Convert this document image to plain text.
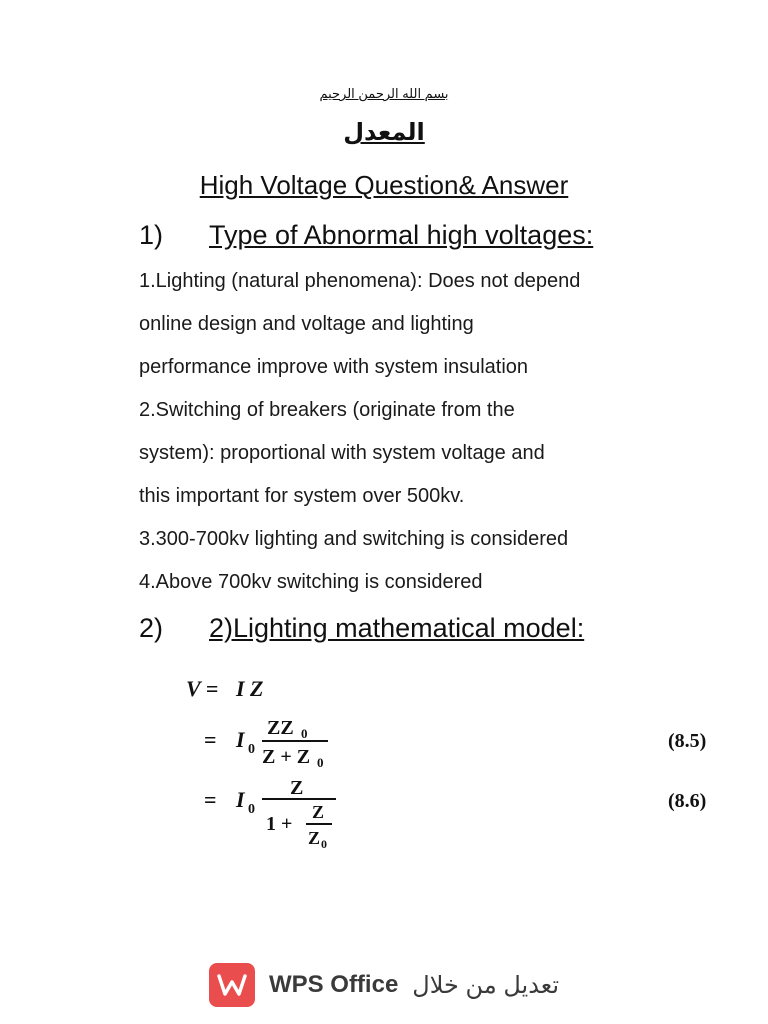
بسم الله الرحمن الرحيم
المعدل
High Voltage Question& Answer
1) Type of Abnormal high voltages:
1.Lighting (natural phenomena): Does not depend
online design and voltage and lighting
performance improve with system insulation
2.Switching of breakers (originate from the
system): proportional with system voltage and
this important for system over 500kv.
3.300-700kv lighting and switching is considered
4.Above 700kv switching is considered
2) 2)Lighting mathematical model:
V = I Z
= I 0
ZZ 0
Z + Z 0
(8.5)
= I 0
Z
1 +
Z
Z 0
(8.6)
WPS Office تعديل من خلال
